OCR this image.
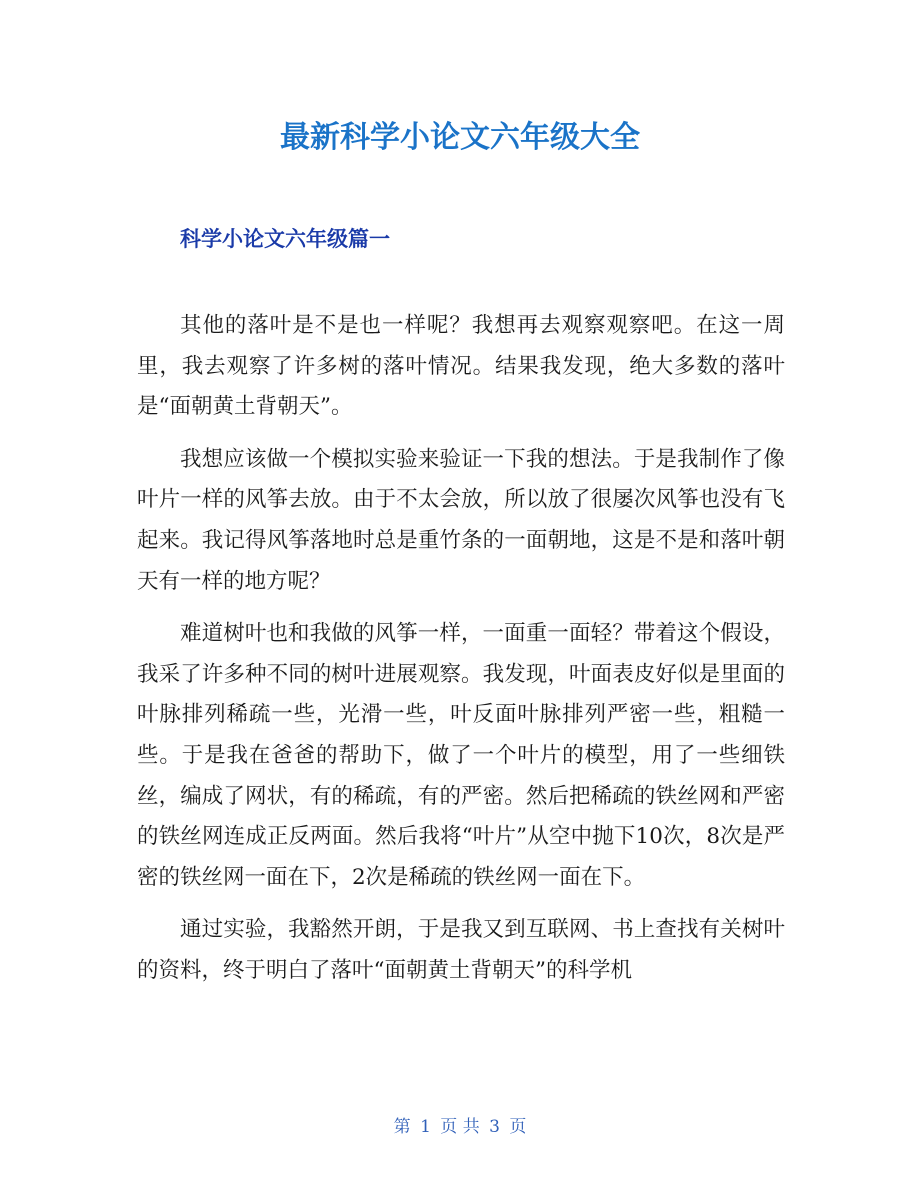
最新科学小论文六年级大全
科学小论文六年级篇一

其他的落叶是不是也一样呢？我想再去观察观察吧。在这一周里，我去观察了许多树的落叶情况。结果我发现，绝大多数的落叶是“面朝黄土背朝天”。

我想应该做一个模拟实验来验证一下我的想法。于是我制作了像叶片一样的风筝去放。由于不太会放，所以放了很屡次风筝也没有飞起来。我记得风筝落地时总是重竹条的一面朝地，这是不是和落叶朝天有一样的地方呢？

难道树叶也和我做的风筝一样，一面重一面轻？带着这个假设，我采了许多种不同的树叶进展观察。我发现，叶面表皮好似是里面的叶脉排列稀疏一些，光滑一些，叶反面叶脉排列严密一些，粗糙一些。于是我在爸爸的帮助下，做了一个叶片的模型，用了一些细铁丝，编成了网状，有的稀疏，有的严密。然后把稀疏的铁丝网和严密的铁丝网连成正反两面。然后我将“叶片”从空中抛下10次，8次是严密的铁丝网一面在下，2次是稀疏的铁丝网一面在下。

通过实验，我豁然开朗，于是我又到互联网、书上查找有关树叶的资料，终于明白了落叶“面朝黄土背朝天”的科学机

第 1 页 共 3 页
